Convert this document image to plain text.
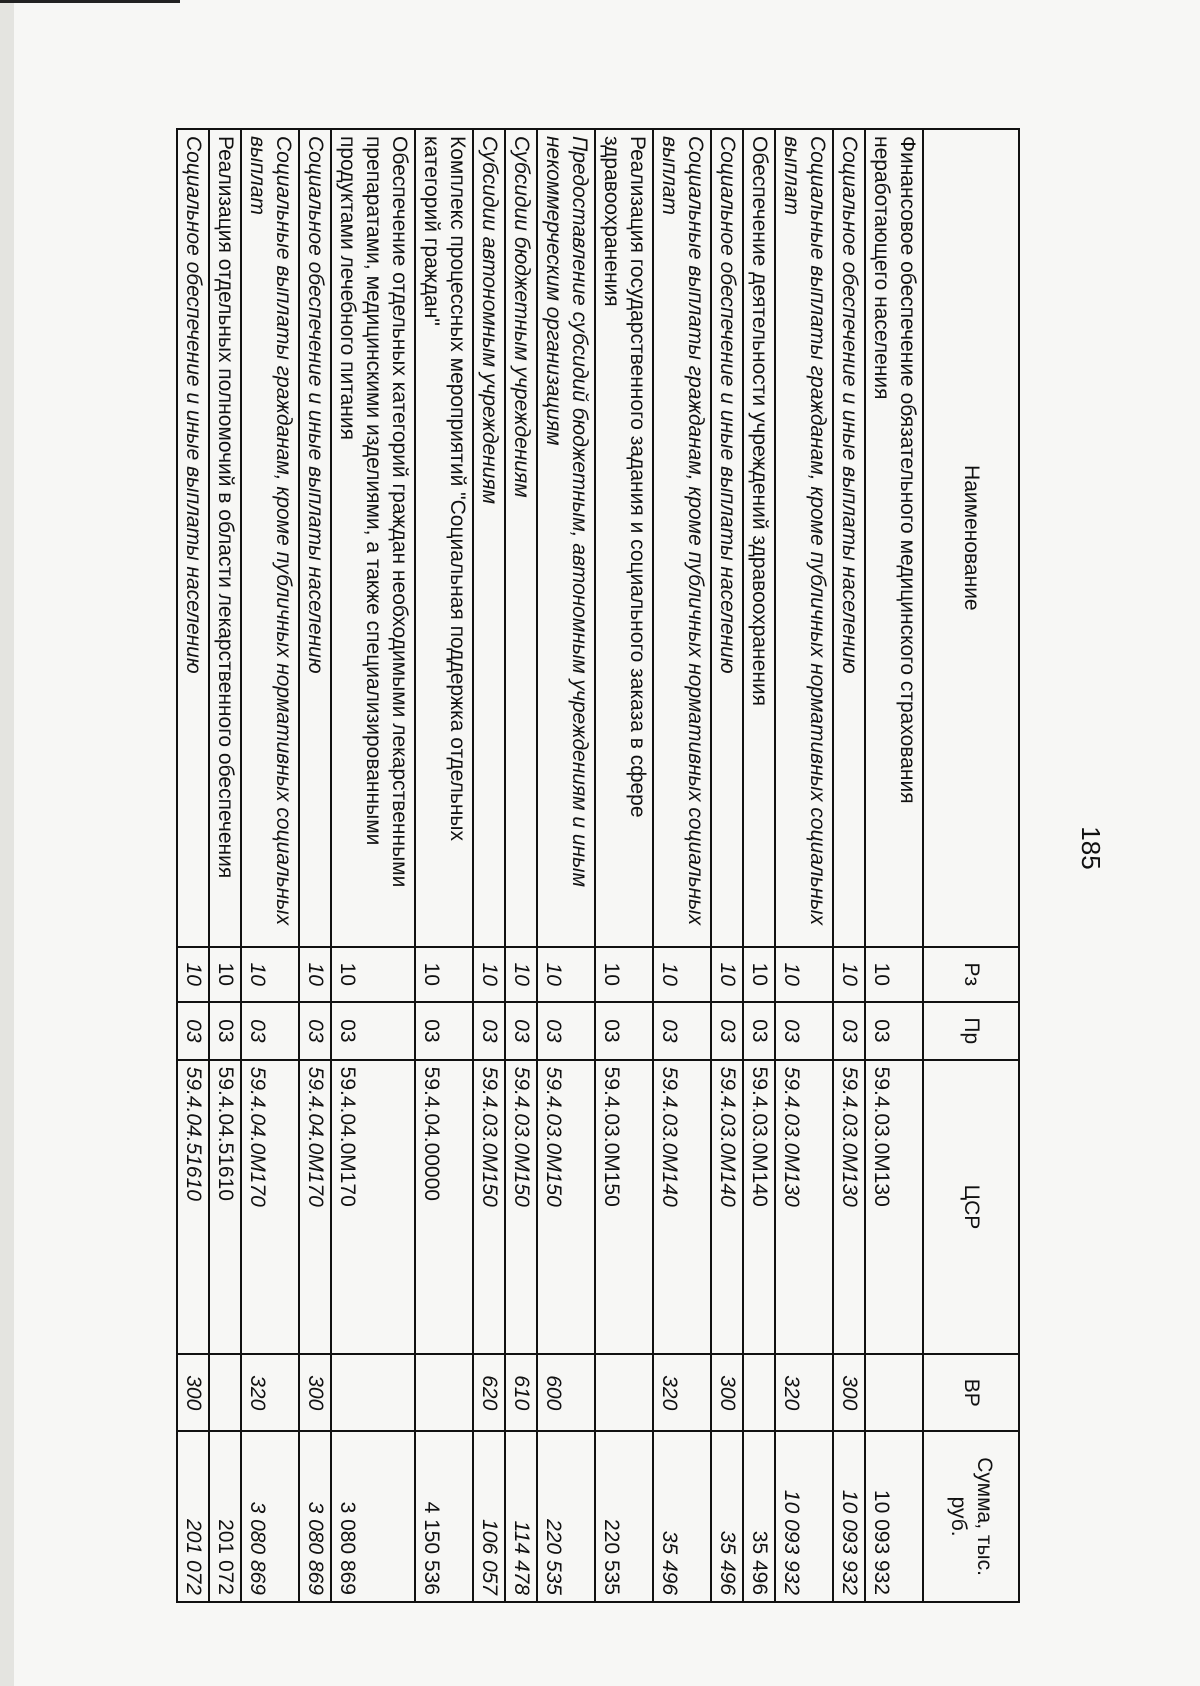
185
Наименование	Рз	Пр	ЦСР	ВР	Сумма, тыс. руб.
Финансовое обеспечение обязательного медицинского страхования неработающего населения	10	03	59.4.03.0М130		10 093 932
Социальное обеспечение и иные выплаты населению	10	03	59.4.03.0М130	300	10 093 932
Социальные выплаты гражданам, кроме публичных нормативных социальных выплат	10	03	59.4.03.0М130	320	10 093 932
Обеспечение деятельности учреждений здравоохранения	10	03	59.4.03.0М140		35 496
Социальное обеспечение и иные выплаты населению	10	03	59.4.03.0М140	300	35 496
Социальные выплаты гражданам, кроме публичных нормативных социальных выплат	10	03	59.4.03.0М140	320	35 496
Реализация государственного задания и социального заказа в сфере здравоохранения	10	03	59.4.03.0М150		220 535
Предоставление субсидий бюджетным, автономным учреждениям и иным некоммерческим организациям	10	03	59.4.03.0М150	600	220 535
Субсидии бюджетным учреждениям	10	03	59.4.03.0М150	610	114 478
Субсидии автономным учреждениям	10	03	59.4.03.0М150	620	106 057
Комплекс процессных мероприятий "Социальная поддержка отдельных категорий граждан"	10	03	59.4.04.00000		4 150 536
Обеспечение отдельных категорий граждан необходимыми лекарственными препаратами, медицинскими изделиями, а также специализированными продуктами лечебного питания	10	03	59.4.04.0М170		3 080 869
Социальное обеспечение и иные выплаты населению	10	03	59.4.04.0М170	300	3 080 869
Социальные выплаты гражданам, кроме публичных нормативных социальных выплат	10	03	59.4.04.0М170	320	3 080 869
Реализация отдельных полномочий в области лекарственного обеспечения	10	03	59.4.04.51610		201 072
Социальное обеспечение и иные выплаты населению	10	03	59.4.04.51610	300	201 072
